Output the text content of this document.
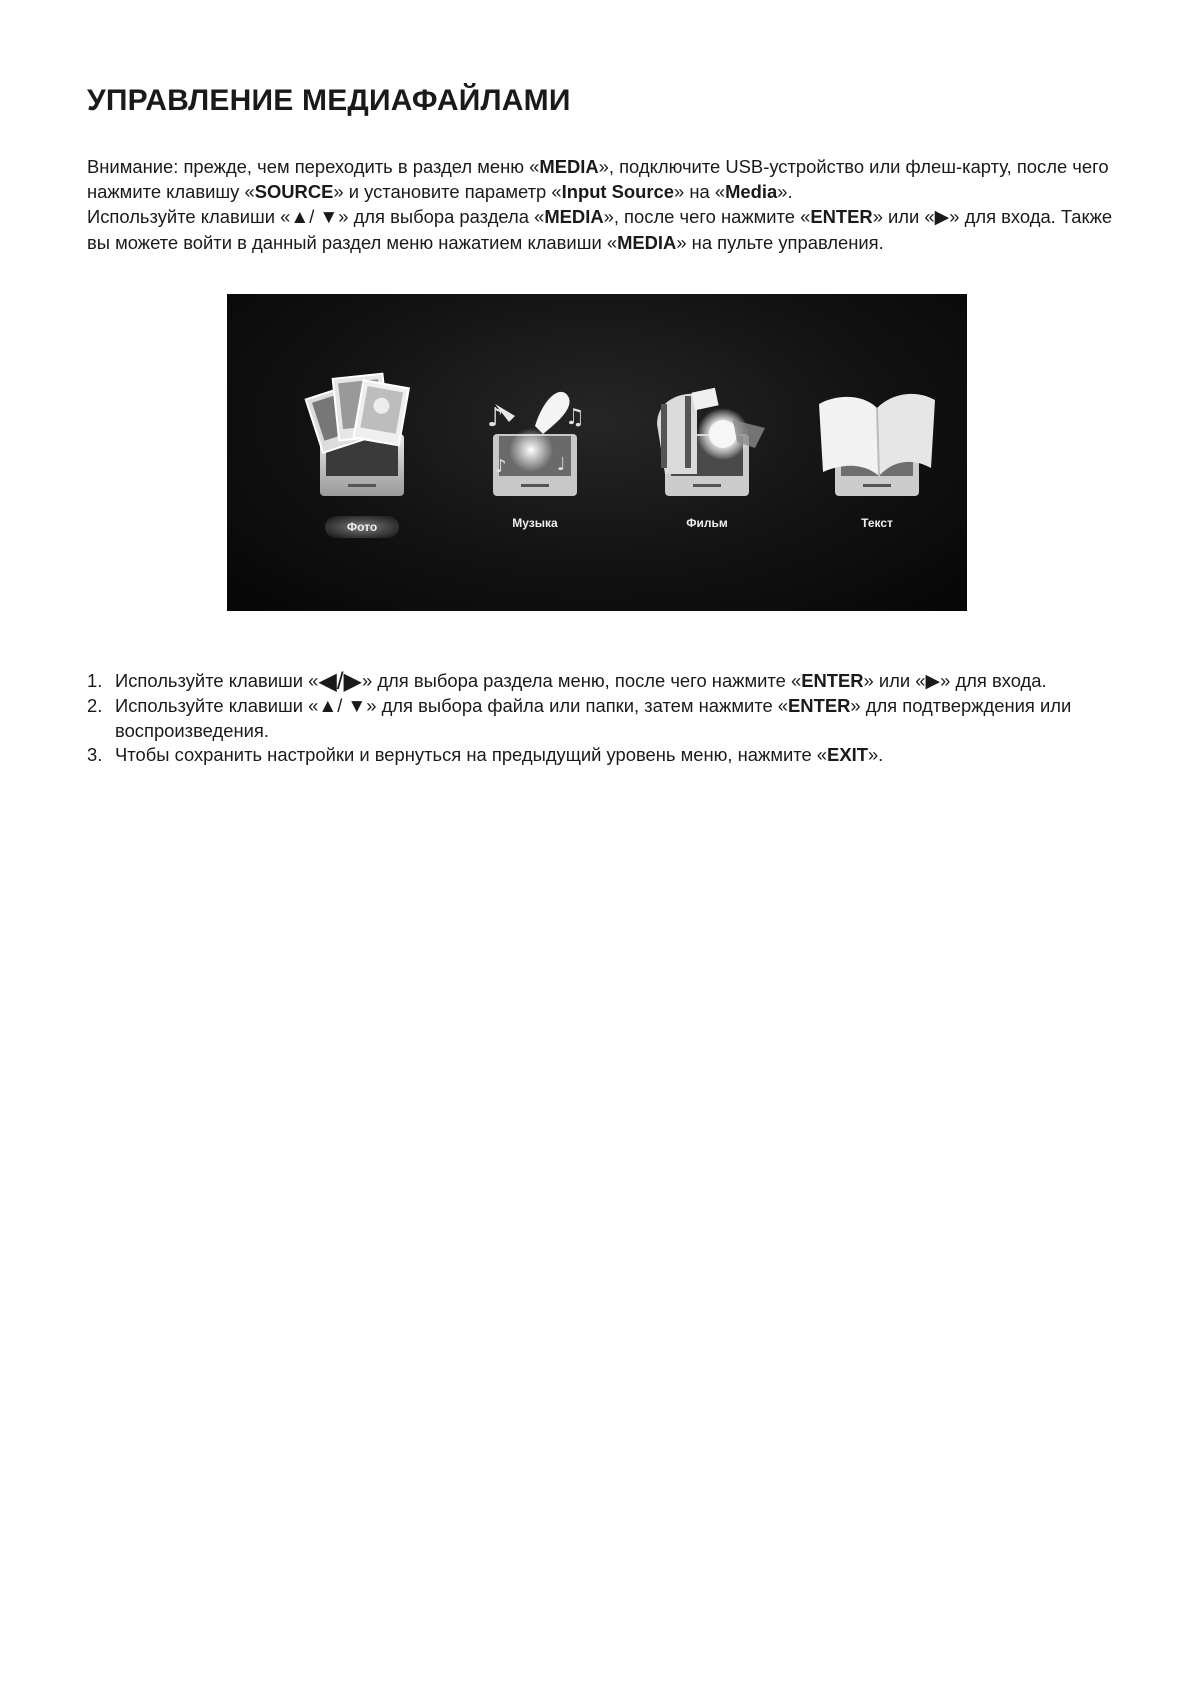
УПРАВЛЕНИЕ МЕДИАФАЙЛАМИ

Внимание: прежде, чем переходить в раздел меню «MEDIA», подключите USB-устройство или флеш-карту, после чего нажмите клавишу «SOURCE» и установите параметр «Input Source» на «Media».

Используйте клавиши «▲/ ▼» для выбора раздела «MEDIA», после чего нажмите «ENTER» или «▶» для входа. Также вы можете войти в данный раздел меню нажатием клавиши «MEDIA» на пульте управления.

Фото
♪	♫
♪	♩
Музыка	Фильм	Текст
1. Используйте клавиши «◀/▶» для выбора раздела меню, после чего нажмите «ENTER» или «▶» для входа.
2. Используйте клавиши «▲/ ▼» для выбора файла или папки, затем нажмите «ENTER» для подтверждения или воспроизведения.
3. Чтобы сохранить настройки и вернуться на предыдущий уровень меню, нажмите «EXIT».
